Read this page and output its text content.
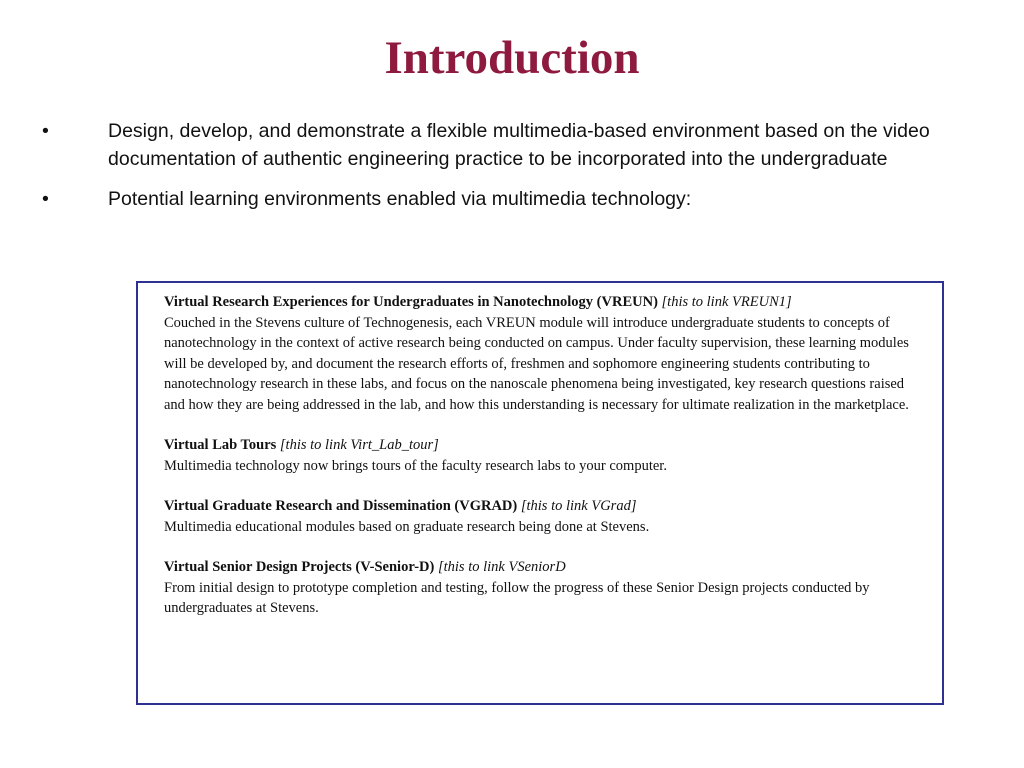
Introduction
•	Design, develop, and demonstrate a flexible multimedia-based environment based on the video documentation of authentic engineering practice to be incorporated into the undergraduate
•	Potential learning environments enabled via multimedia technology:
Virtual Research Experiences for Undergraduates in Nanotechnology (VREUN) [this to link VREUN1]
Couched in the Stevens culture of Technogenesis, each VREUN module will introduce undergraduate students to concepts of nanotechnology in the context of active research being conducted on campus. Under faculty supervision, these learning modules will be developed by, and document the research efforts of, freshmen and sophomore engineering students contributing to nanotechnology research in these labs, and focus on the nanoscale phenomena being investigated, key research questions raised and how they are being addressed in the lab, and how this understanding is necessary for ultimate realization in the marketplace.
Virtual Lab Tours [this to link Virt_Lab_tour]
Multimedia technology now brings tours of the faculty research labs to your computer.
Virtual Graduate Research and Dissemination (VGRAD) [this to link VGrad]
Multimedia educational modules based on graduate research being done at Stevens.
Virtual Senior Design Projects (V-Senior-D) [this to link VSeniorD
From initial design to prototype completion and testing, follow the progress of these Senior Design projects conducted by undergraduates at Stevens.
